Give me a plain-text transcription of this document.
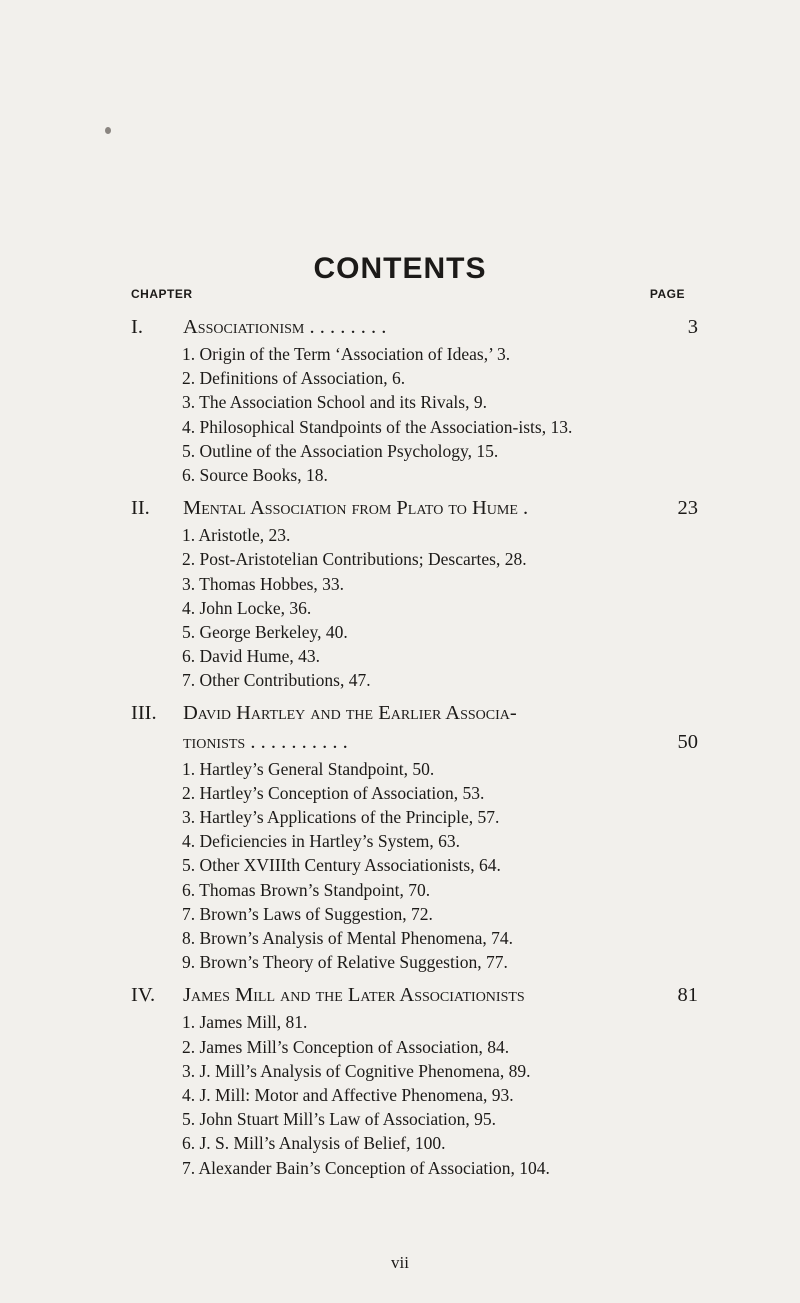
CONTENTS
CHAPTER	PAGE
I.	Associationism . . . . . . . .	3
1. Origin of the Term ‘Association of Ideas,’ 3.
2. Definitions of Association, 6.
3. The Association School and its Rivals, 9.
4. Philosophical Standpoints of the Association-ists, 13.
5. Outline of the Association Psychology, 15.
6. Source Books, 18.
II.	Mental Association from Plato to Hume .	23
1. Aristotle, 23.
2. Post-Aristotelian Contributions; Descartes, 28.
3. Thomas Hobbes, 33.
4. John Locke, 36.
5. George Berkeley, 40.
6. David Hume, 43.
7. Other Contributions, 47.
III.	David Hartley and the Earlier Associa-
tionists . . . . . . . . . .	50
1. Hartley’s General Standpoint, 50.
2. Hartley’s Conception of Association, 53.
3. Hartley’s Applications of the Principle, 57.
4. Deficiencies in Hartley’s System, 63.
5. Other XVIIIth Century Associationists, 64.
6. Thomas Brown’s Standpoint, 70.
7. Brown’s Laws of Suggestion, 72.
8. Brown’s Analysis of Mental Phenomena, 74.
9. Brown’s Theory of Relative Suggestion, 77.
IV.	James Mill and the Later Associationists	81
1. James Mill, 81.
2. James Mill’s Conception of Association, 84.
3. J. Mill’s Analysis of Cognitive Phenomena, 89.
4. J. Mill: Motor and Affective Phenomena, 93.
5. John Stuart Mill’s Law of Association, 95.
6. J. S. Mill’s Analysis of Belief, 100.
7. Alexander Bain’s Conception of Association, 104.
vii
